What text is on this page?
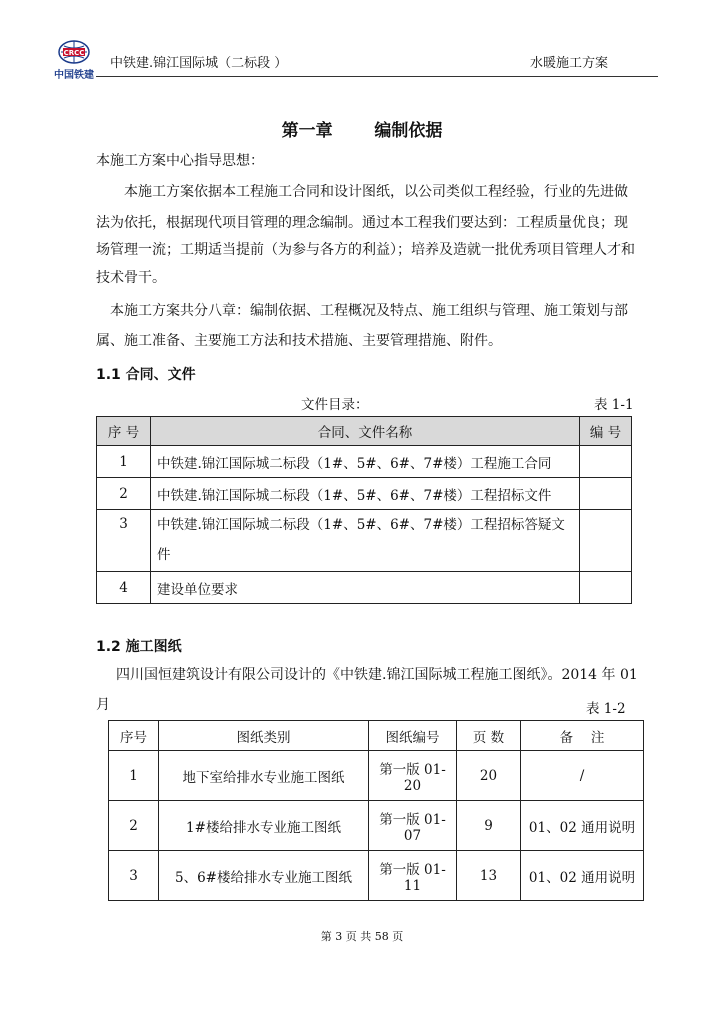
CRCC
中国铁建
中铁建.锦江国际城（二标段 ）	水暖施工方案
第一章 编制依据
本施工方案中心指导思想：
本施工方案依据本工程施工合同和设计图纸，以公司类似工程经验，行业的先进做
法为依托，根据现代项目管理的理念编制。通过本工程我们要达到：工程质量优良；现
场管理一流；工期适当提前（为参与各方的利益）；培养及造就一批优秀项目管理人才和
技术骨干。
本施工方案共分八章：编制依据、工程概况及特点、施工组织与管理、施工策划与部
属、施工准备、主要施工方法和技术措施、主要管理措施、附件。
1.1 合同、文件
文件目录：	表 1-1
序 号	合同、文件名称	编 号
1	中铁建.锦江国际城二标段（1#、5#、6#、7#楼）工程施工合同	
2	中铁建.锦江国际城二标段（1#、5#、6#、7#楼）工程招标文件	
3	中铁建.锦江国际城二标段（1#、5#、6#、7#楼）工程招标答疑文
件	

4	建设单位要求	
1.2 施工图纸
四川国恒建筑设计有限公司设计的《中铁建.锦江国际城工程施工图纸》。2014 年 01
月	表 1-2
序号	图纸类别	图纸编号	页 数	备　 注
1	地下室给排水专业施工图纸	第一版 01-20	20	/
2	1#楼给排水专业施工图纸	第一版 01-07	9	01、02 通用说明
3	5、6#楼给排水专业施工图纸	第一版 01-11	13	01、02 通用说明
第 3 页 共 58 页
